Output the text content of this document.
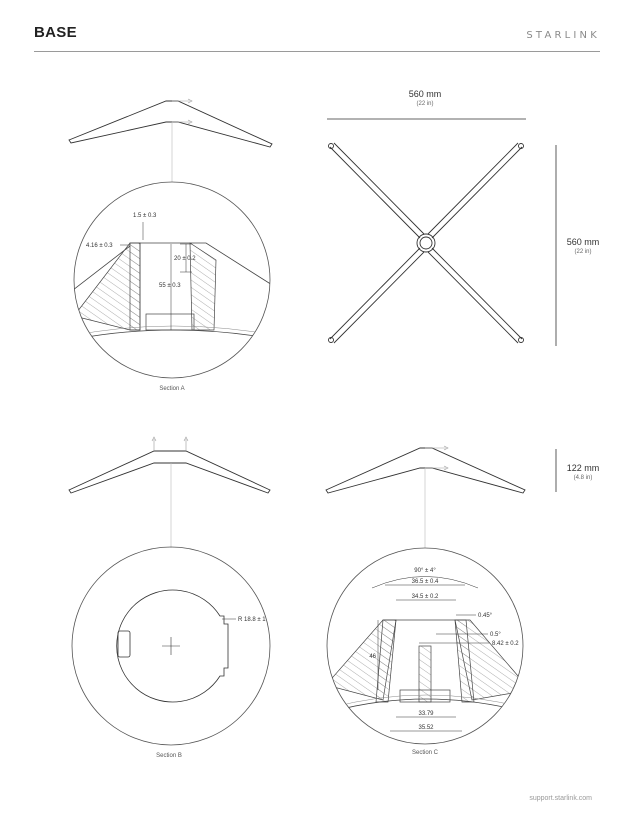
BASE	STARLINK
1.5 ± 0.3
4.16 ± 0.3
20 ± 0.2
55 ± 0.3
Section A
560 mm
(22 in)
560 mm
(22 in)
R 18.8 ± 1
Section B
122 mm
(4.8 in)
90° ± 4°
36.5 ± 0.4
34.5 ± 0.2
0.45°
0.5°
8.42 ± 0.2
46
33.79
35.52
Section C
support.starlink.com
